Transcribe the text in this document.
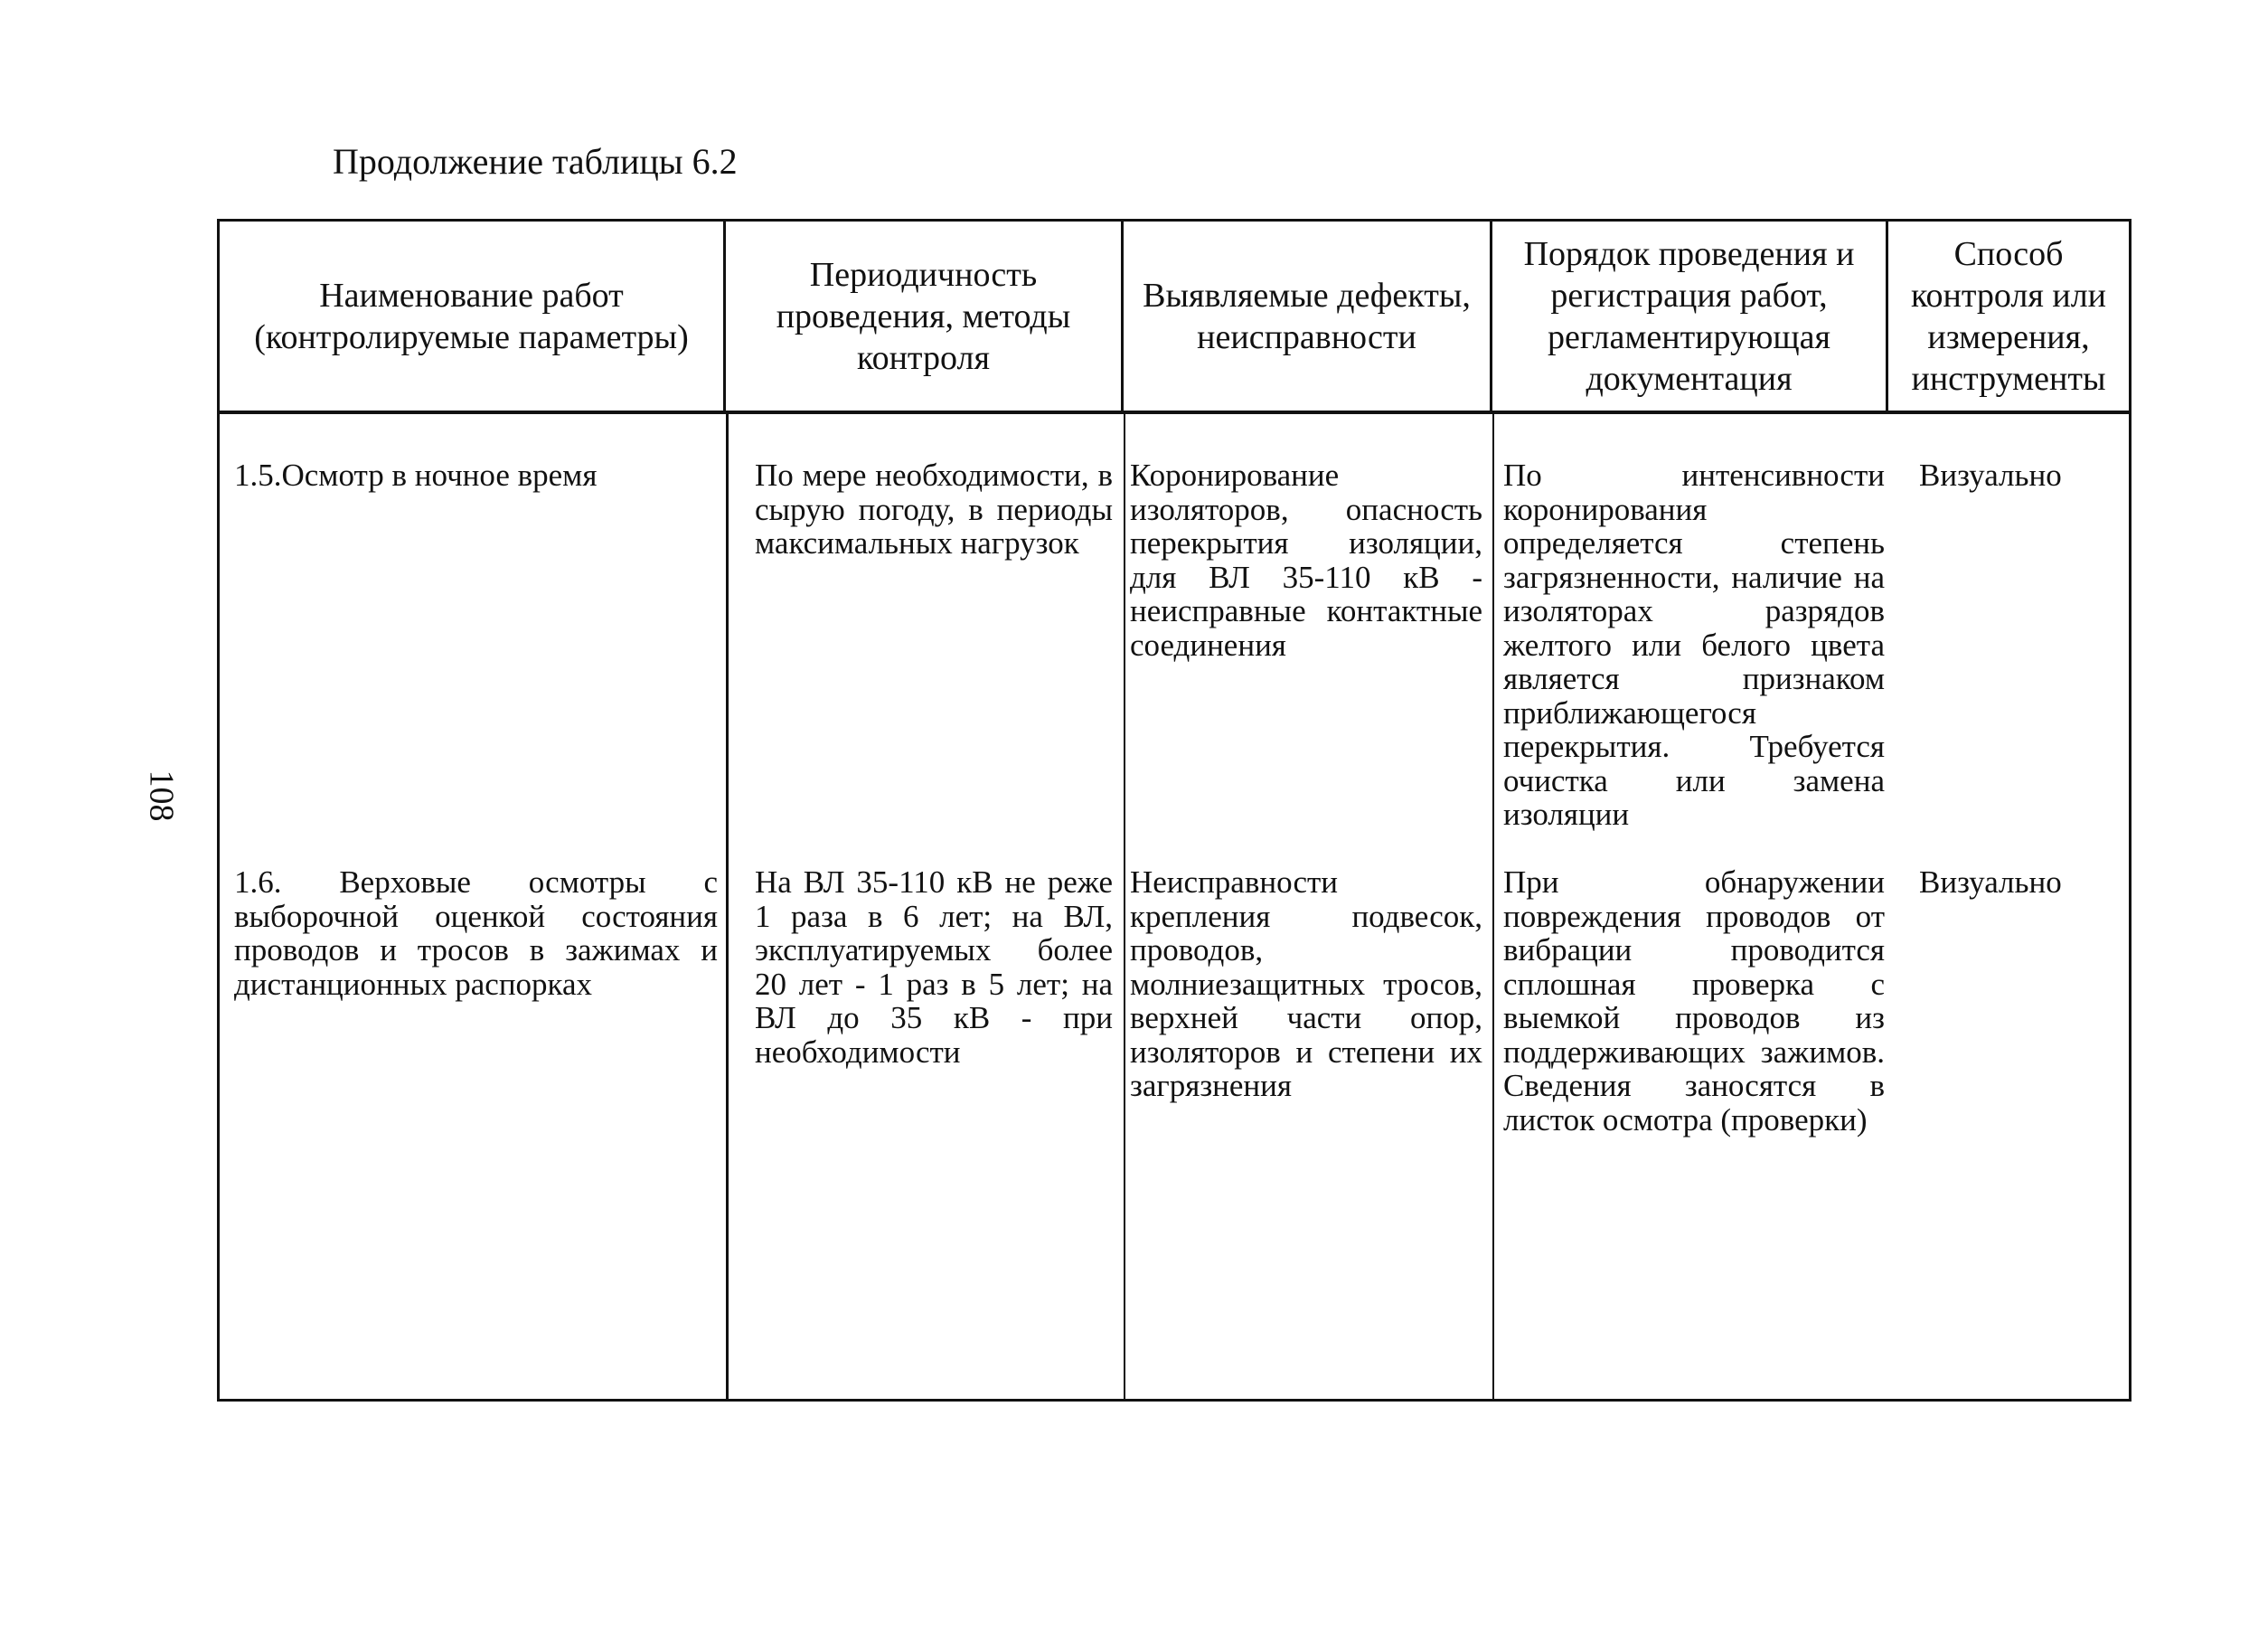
Продолжение таблицы 6.2
108
Наименование работ (контролируемые параметры)
Периодичность проведения, методы контроля
Выявляемые дефекты, неисправности
Порядок проведения и регистрация работ, регламентирующая документация
Способ контроля или измерения, инструменты
1.5.Осмотр в ночное время	По мере необходимости, в сырую погоду, в периоды максимальных нагрузок
Коронирование изоляторов, опасность перекрытия изоляции, для ВЛ 35-110 кВ - неисправные контактные соединения
По интенсивности коронирования определяется степень загрязненности, наличие на изоляторах разрядов желтого или белого цвета является признаком приближающегося перекрытия. Требуется очистка или замена изоляции
Визуально
1.6. Верховые осмотры с выборочной оценкой состояния проводов и тросов в зажимах и дистанционных распорках
На ВЛ 35-110 кВ не реже 1 раза в 6 лет; на ВЛ, эксплуатируемых более 20 лет - 1 раз в 5 лет; на ВЛ до 35 кВ - при необходимости
Неисправности крепления подвесок, проводов, молниезащитных тросов, верхней части опор, изоляторов и степени их загрязнения
При обнаружении повреждения проводов от вибрации проводится сплошная проверка с выемкой проводов из поддерживающих зажимов. Сведения заносятся в листок осмотра (проверки)
Визуально
